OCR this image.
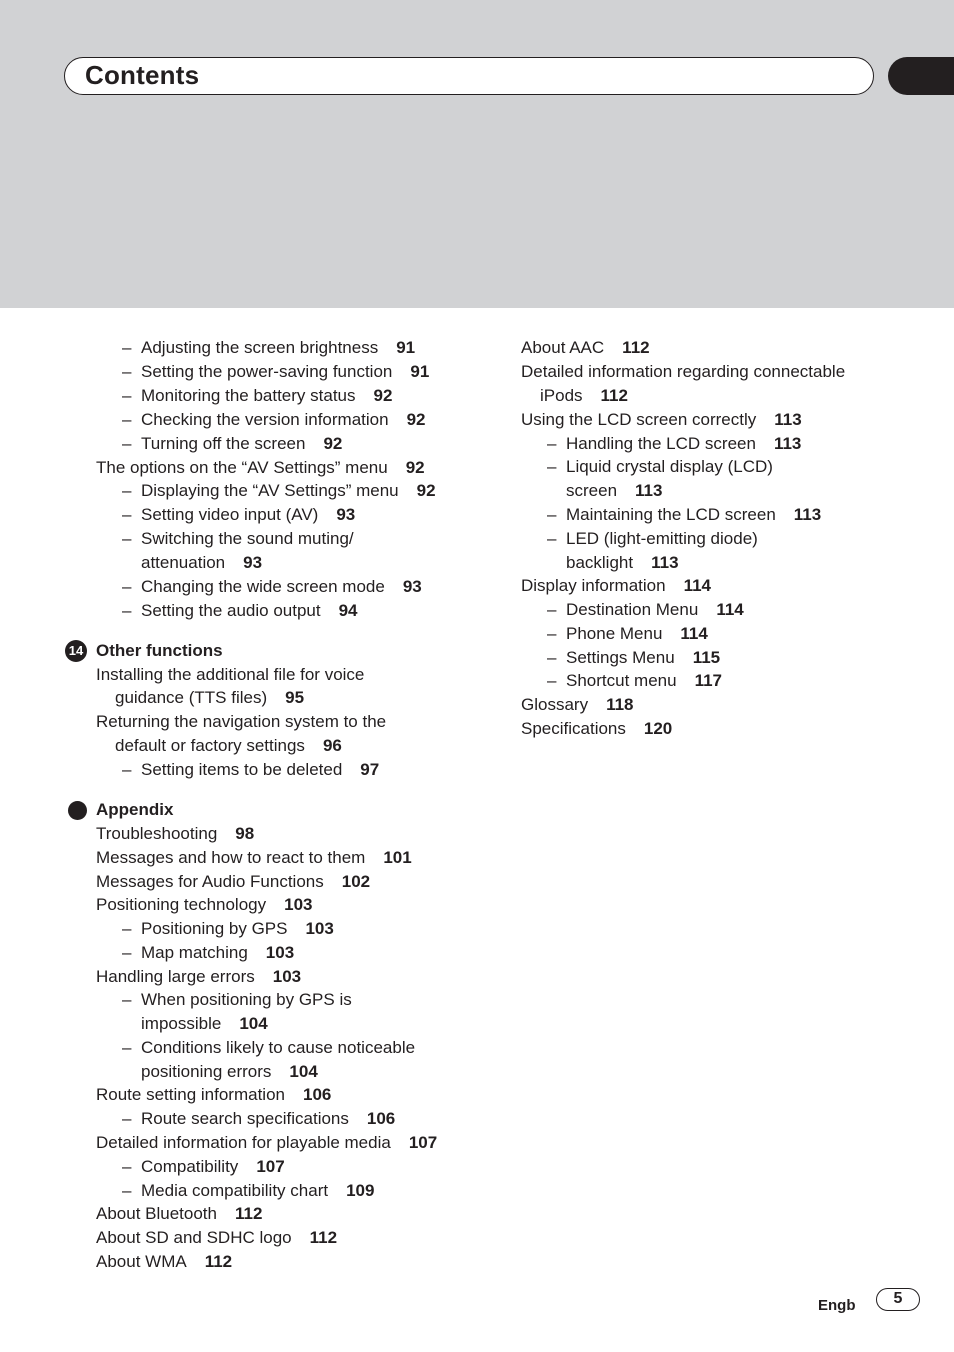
Contents
– Adjusting the screen brightness 91
– Setting the power-saving function 91
– Monitoring the battery status 92
– Checking the version information 92
– Turning off the screen 92
The options on the “AV Settings” menu 92
– Displaying the “AV Settings” menu 92
– Setting video input (AV) 93
– Switching the sound muting/
attenuation 93
– Changing the wide screen mode 93
– Setting the audio output 94
14 Other functions
Installing the additional file for voice
guidance (TTS files) 95
Returning the navigation system to the
default or factory settings 96
– Setting items to be deleted 97
Appendix
Troubleshooting 98
Messages and how to react to them 101
Messages for Audio Functions 102
Positioning technology 103
– Positioning by GPS 103
– Map matching 103
Handling large errors 103
– When positioning by GPS is
impossible 104
– Conditions likely to cause noticeable
positioning errors 104
Route setting information 106
– Route search specifications 106
Detailed information for playable media 107
– Compatibility 107
– Media compatibility chart 109
About Bluetooth 112
About SD and SDHC logo 112
About WMA 112
About AAC 112
Detailed information regarding connectable
iPods 112
Using the LCD screen correctly 113
– Handling the LCD screen 113
– Liquid crystal display (LCD)
screen 113
– Maintaining the LCD screen 113
– LED (light-emitting diode)
backlight 113
Display information 114
– Destination Menu 114
– Phone Menu 114
– Settings Menu 115
– Shortcut menu 117
Glossary 118
Specifications 120
Engb	5
